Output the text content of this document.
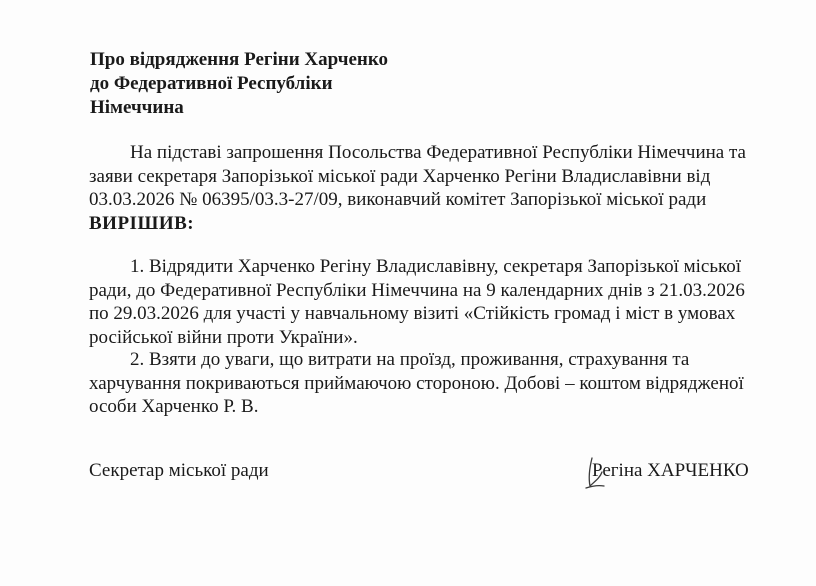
Про відрядження Регіни Харченко
до Федеративної Республіки
Німеччина
На підставі запрошення Посольства Федеративної Республіки Німеччина та
заяви секретаря Запорізької міської ради Харченко Регіни Владиславівни від
03.03.2026 № 06395/03.3-27/09, виконавчий комітет Запорізької міської ради
ВИРІШИВ:
1. Відрядити Харченко Регіну Владиславівну, секретаря Запорізької міської
ради, до Федеративної Республіки Німеччина на 9 календарних днів з 21.03.2026
по 29.03.2026 для участі у навчальному візиті «Стійкість громад і міст в умовах
російської війни проти України».
2. Взяти до уваги, що витрати на проїзд, проживання, страхування та
харчування покриваються приймаючою стороною. Добові – коштом відрядженої
особи Харченко Р. В.
Секретар міської ради	Регіна ХАРЧЕНКО
